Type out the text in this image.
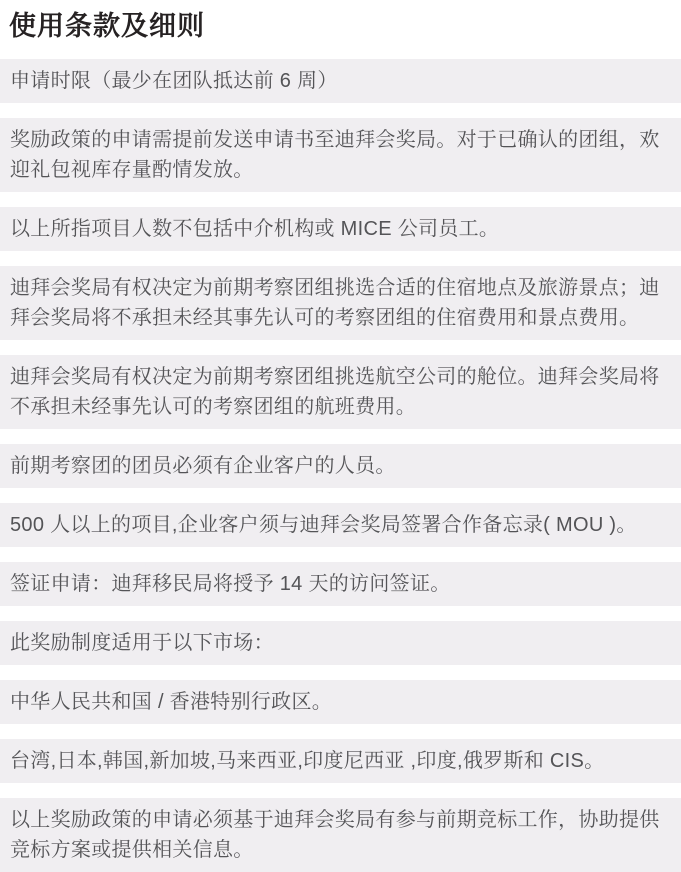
使用条款及细则
申请时限（最少在团队抵达前 6 周）
奖励政策的申请需提前发送申请书至迪拜会奖局。对于已确认的团组，欢迎礼包视库存量酌情发放。
以上所指项目人数不包括中介机构或 MICE 公司员工。
迪拜会奖局有权决定为前期考察团组挑选合适的住宿地点及旅游景点；迪拜会奖局将不承担未经其事先认可的考察团组的住宿费用和景点费用。
迪拜会奖局有权决定为前期考察团组挑选航空公司的舱位。迪拜会奖局将不承担未经事先认可的考察团组的航班费用。
前期考察团的团员必须有企业客户的人员。
500 人以上的项目,企业客户须与迪拜会奖局签署合作备忘录( MOU )。
签证申请：迪拜移民局将授予 14 天的访问签证。
此奖励制度适用于以下市场：
中华人民共和国 / 香港特别行政区。
台湾,日本,韩国,新加坡,马来西亚,印度尼西亚 ,印度,俄罗斯和 CIS。
以上奖励政策的申请必须基于迪拜会奖局有参与前期竞标工作，协助提供竞标方案或提供相关信息。
